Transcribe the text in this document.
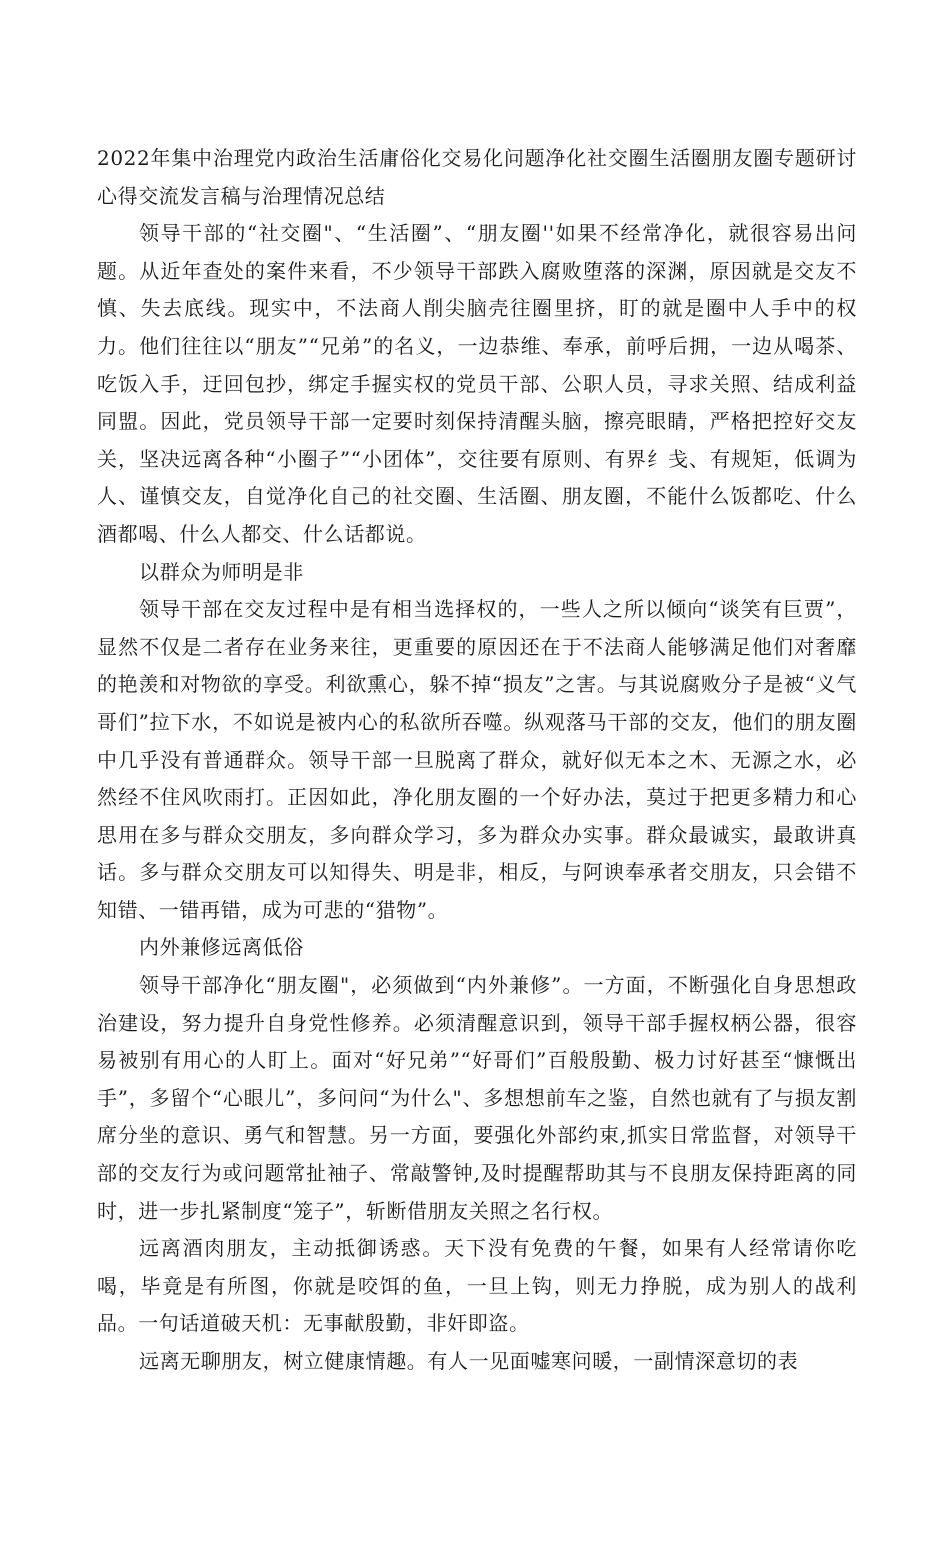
2022年集中治理党内政治生活庸俗化交易化问题净化社交圈生活圈朋友圈专题研讨心得交流发言稿与治理情况总结

领导干部的“社交圈"、“生活圈”、“朋友圈''如果不经常净化，就很容易出问题。从近年查处的案件来看，不少领导干部跌入腐败堕落的深渊，原因就是交友不慎、失去底线。现实中，不法商人削尖脑壳往圈里挤，盯的就是圈中人手中的权力。他们往往以“朋友”“兄弟”的名义，一边恭维、奉承，前呼后拥，一边从喝茶、吃饭入手，迂回包抄，绑定手握实权的党员干部、公职人员，寻求关照、结成利益同盟。因此，党员领导干部一定要时刻保持清醒头脑，擦亮眼睛，严格把控好交友关，坚决远离各种“小圈子”“小团体”，交往要有原则、有界纟戋、有规矩，低调为人、谨慎交友，自觉净化自己的社交圈、生活圈、朋友圈，不能什么饭都吃、什么酒都喝、什么人都交、什么话都说。

以群众为师明是非

领导干部在交友过程中是有相当选择权的，一些人之所以倾向“谈笑有巨贾”，显然不仅是二者存在业务来往，更重要的原因还在于不法商人能够满足他们对奢靡的艳羡和对物欲的享受。利欲熏心，躲不掉“损友”之害。与其说腐败分子是被“义气哥们”拉下水，不如说是被内心的私欲所吞噬。纵观落马干部的交友，他们的朋友圈中几乎没有普通群众。领导干部一旦脱离了群众，就好似无本之木、无源之水，必然经不住风吹雨打。正因如此，净化朋友圈的一个好办法，莫过于把更多精力和心思用在多与群众交朋友，多向群众学习，多为群众办实事。群众最诚实，最敢讲真话。多与群众交朋友可以知得失、明是非，相反，与阿谀奉承者交朋友，只会错不知错、一错再错，成为可悲的“猎物”。

内外兼修远离低俗

领导干部净化“朋友圈"，必须做到“内外兼修”。一方面，不断强化自身思想政治建设，努力提升自身党性修养。必须清醒意识到，领导干部手握权柄公器，很容易被别有用心的人盯上。面对“好兄弟”“好哥们”百般殷勤、极力讨好甚至“慷慨出手”，多留个“心眼儿”，多问问“为什么"、多想想前车之鉴，自然也就有了与损友割席分坐的意识、勇气和智慧。另一方面，要强化外部约束,抓实日常监督，对领导干部的交友行为或问题常扯袖子、常敲警钟,及时提醒帮助其与不良朋友保持距离的同时，进一步扎紧制度“笼子”，斩断借朋友关照之名行权。

远离酒肉朋友，主动抵御诱惑。天下没有免费的午餐，如果有人经常请你吃喝，毕竟是有所图，你就是咬饵的鱼，一旦上钩，则无力挣脱，成为别人的战利品。一句话道破天机：无事献殷勤，非奸即盗。

远离无聊朋友，树立健康情趣。有人一见面嘘寒问暖，一副情深意切的表
